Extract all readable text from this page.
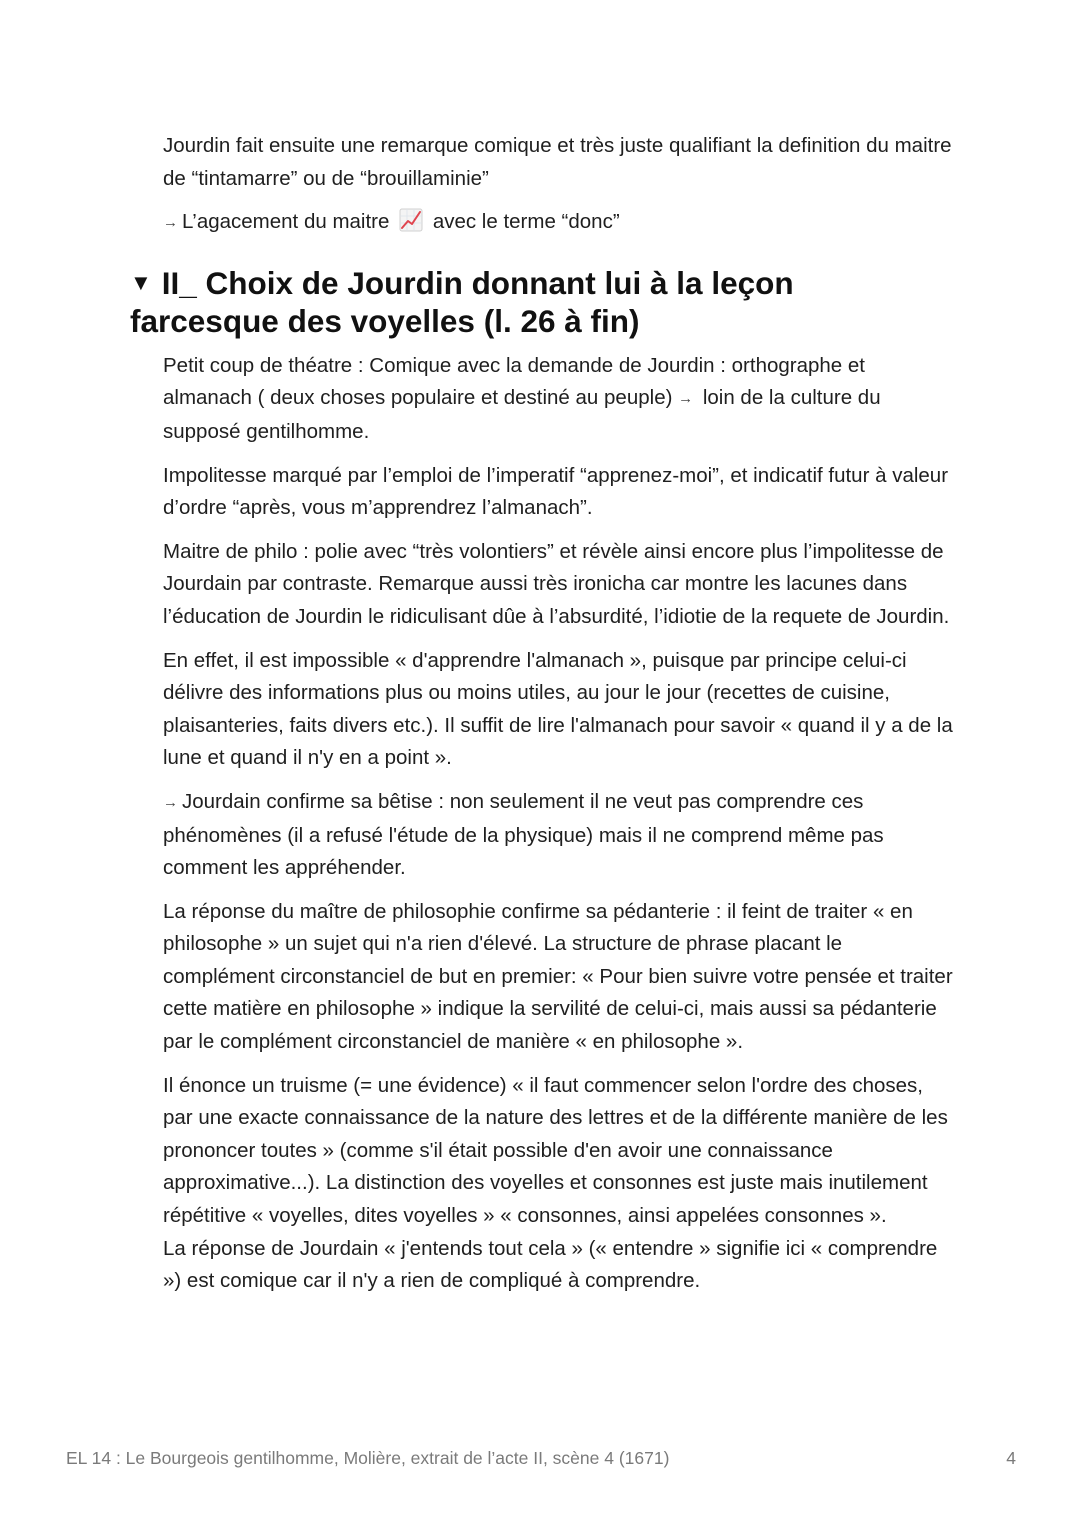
Jourdin fait ensuite une remarque comique et très juste qualifiant la definition du maitre de “tintamarre” ou de “brouillaminie”

→ L’agacement du maitre avec le terme “donc”

▼ II_ Choix de Jourdin donnant lui à la leçon
farcesque des voyelles (l. 26 à fin)

Petit coup de théatre : Comique avec la demande de Jourdin : orthographe et almanach ( deux choses populaire et destiné au peuple) → loin de la culture du supposé gentilhomme.

Impolitesse marqué par l’emploi de l’imperatif “apprenez-moi”, et indicatif futur à valeur d’ordre “après, vous m’apprendrez l’almanach”.

Maitre de philo : polie avec “très volontiers” et révèle ainsi encore plus l’impolitesse de Jourdain par contraste. Remarque aussi très ironicha car montre les lacunes dans l’éducation de Jourdin le ridiculisant dûe à l’absurdité, l’idiotie de la requete de Jourdin.

En effet, il est impossible « d'apprendre l'almanach », puisque par principe celui-ci délivre des informations plus ou moins utiles, au jour le jour (recettes de cuisine, plaisanteries, faits divers etc.). Il suffit de lire l'almanach pour savoir « quand il y a de la lune et quand il n'y en a point ».

→ Jourdain confirme sa bêtise : non seulement il ne veut pas comprendre ces phénomènes (il a refusé l'étude de la physique) mais il ne comprend même pas comment les appréhender.

La réponse du maître de philosophie confirme sa pédanterie : il feint de traiter « en philosophe » un sujet qui n'a rien d'élevé. La structure de phrase placant le complément circonstanciel de but en premier: « Pour bien suivre votre pensée et traiter cette matière en philosophe » indique la servilité de celui-ci, mais aussi sa pédanterie par le complément circonstanciel de manière « en philosophe ».

Il énonce un truisme (= une évidence) « il faut commencer selon l'ordre des choses, par une exacte connaissance de la nature des lettres et de la différente manière de les prononcer toutes » (comme s'il était possible d'en avoir une connaissance approximative...). La distinction des voyelles et consonnes est juste mais inutilement répétitive « voyelles, dites voyelles » « consonnes, ainsi appelées consonnes ».

La réponse de Jourdain « j'entends tout cela » (« entendre » signifie ici « comprendre ») est comique car il n'y a rien de compliqué à comprendre.

EL 14 : Le Bourgeois gentilhomme, Molière, extrait de l’acte II, scène 4 (1671)	4
